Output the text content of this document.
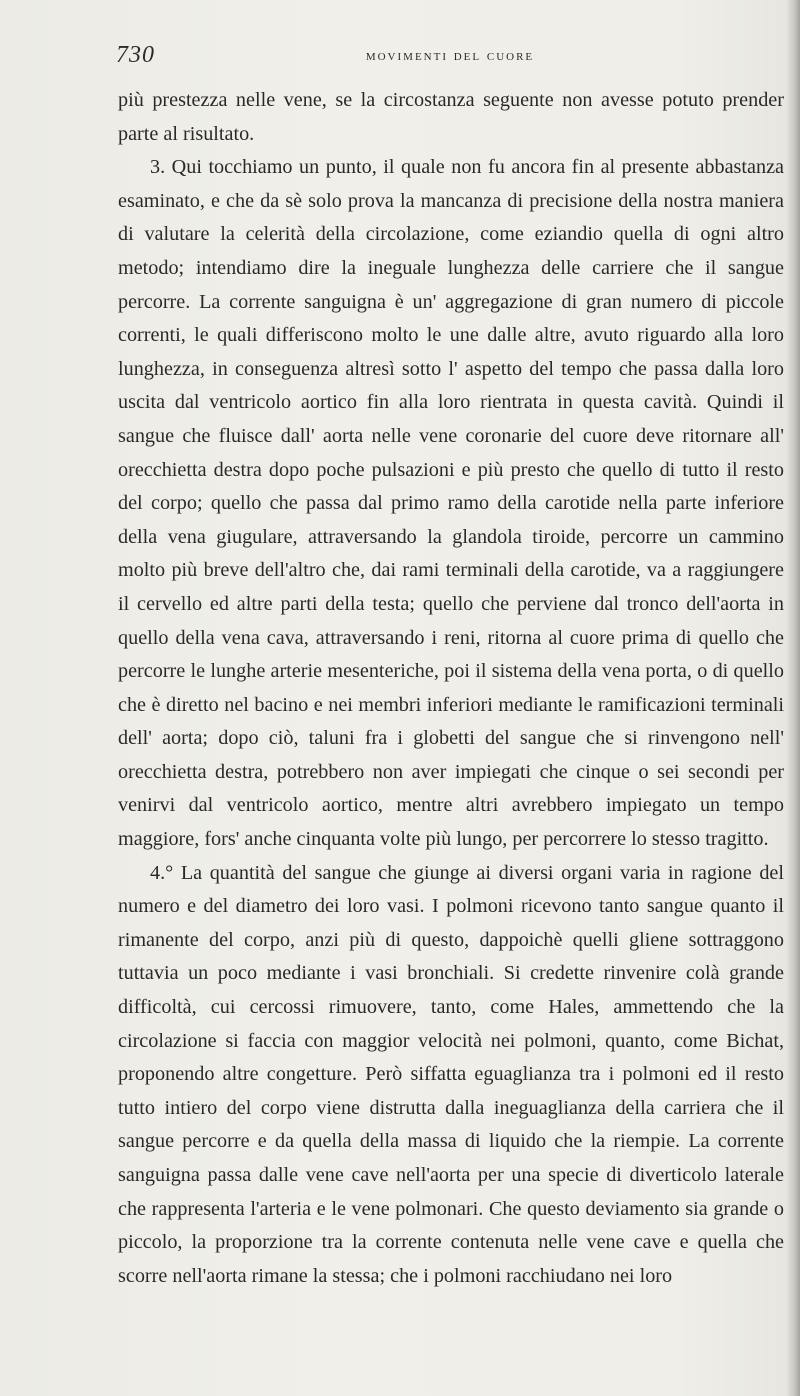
730	movimenti del cuore

più prestezza nelle vene, se la circostanza seguente non avesse potuto prender parte al risultato.

3. Qui tocchiamo un punto, il quale non fu ancora fin al presente abbastanza esaminato, e che da sè solo prova la mancanza di precisione della nostra maniera di valutare la celerità della circolazione, come eziandio quella di ogni altro metodo; intendiamo dire la ineguale lunghezza delle carriere che il sangue percorre. La corrente sanguigna è un' aggregazione di gran numero di piccole correnti, le quali differiscono molto le une dalle altre, avuto riguardo alla loro lunghezza, in conseguenza altresì sotto l' aspetto del tempo che passa dalla loro uscita dal ventricolo aortico fin alla loro rientrata in questa cavità. Quindi il sangue che fluisce dall' aorta nelle vene coronarie del cuore deve ritornare all' orecchietta destra dopo poche pulsazioni e più presto che quello di tutto il resto del corpo; quello che passa dal primo ramo della carotide nella parte inferiore della vena giugulare, attraversando la glandola tiroide, percorre un cammino molto più breve dell'altro che, dai rami terminali della carotide, va a raggiungere il cervello ed altre parti della testa; quello che perviene dal tronco dell'aorta in quello della vena cava, attraversando i reni, ritorna al cuore prima di quello che percorre le lunghe arterie mesenteriche, poi il sistema della vena porta, o di quello che è diretto nel bacino e nei membri inferiori mediante le ramificazioni terminali dell' aorta; dopo ciò, taluni fra i globetti del sangue che si rinvengono nell' orecchietta destra, potrebbero non aver impiegati che cinque o sei secondi per venirvi dal ventricolo aortico, mentre altri avrebbero impiegato un tempo maggiore, fors' anche cinquanta volte più lungo, per percorrere lo stesso tragitto.

4.° La quantità del sangue che giunge ai diversi organi varia in ragione del numero e del diametro dei loro vasi. I polmoni ricevono tanto sangue quanto il rimanente del corpo, anzi più di questo, dappoichè quelli gliene sottraggono tuttavia un poco mediante i vasi bronchiali. Si credette rinvenire colà grande difficoltà, cui cercossi rimuovere, tanto, come Hales, ammettendo che la circolazione si faccia con maggior velocità nei polmoni, quanto, come Bichat, proponendo altre congetture. Però siffatta eguaglianza tra i polmoni ed il resto tutto intiero del corpo viene distrutta dalla ineguaglianza della carriera che il sangue percorre e da quella della massa di liquido che la riempie. La corrente sanguigna passa dalle vene cave nell'aorta per una specie di diverticolo laterale che rappresenta l'arteria e le vene polmonari. Che questo deviamento sia grande o piccolo, la proporzione tra la corrente contenuta nelle vene cave e quella che scorre nell'aorta rimane la stessa; che i polmoni racchiudano nei loro
